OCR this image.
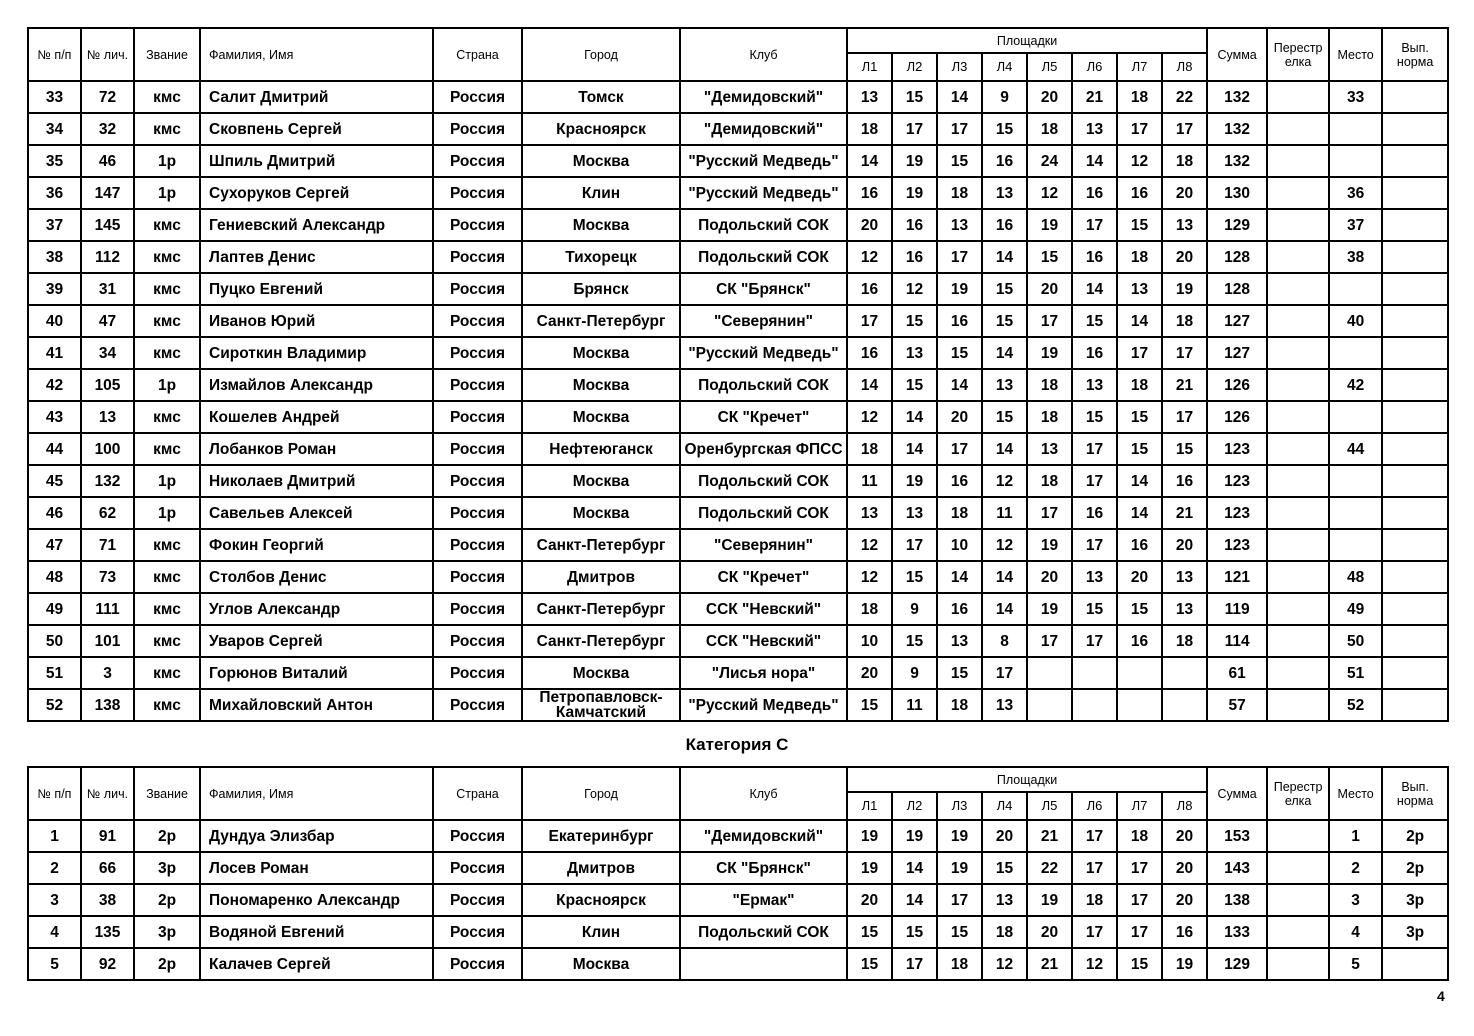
№ п/п	№ лич.	Звание	Фамилия, Имя	Страна	Город	Клуб	Площадки								Сумма	Перестрелка	Место	Вып. норма
							Л1	Л2	Л3	Л4	Л5	Л6	Л7	Л8				
33	72	кмс	Салит Дмитрий	Россия	Томск	"Демидовский"	13	15	14	9	20	21	18	22	132		33	
34	32	кмс	Сковпень Сергей	Россия	Красноярск	"Демидовский"	18	17	17	15	18	13	17	17	132			
35	46	1р	Шпиль Дмитрий	Россия	Москва	"Русский Медведь"	14	19	15	16	24	14	12	18	132			
36	147	1р	Сухоруков Сергей	Россия	Клин	"Русский Медведь"	16	19	18	13	12	16	16	20	130		36	
37	145	кмс	Гениевский Александр	Россия	Москва	Подольский СОК	20	16	13	16	19	17	15	13	129		37	
38	112	кмс	Лаптев Денис	Россия	Тихорецк	Подольский СОК	12	16	17	14	15	16	18	20	128		38	
39	31	кмс	Пуцко Евгений	Россия	Брянск	СК "Брянск"	16	12	19	15	20	14	13	19	128			
40	47	кмс	Иванов Юрий	Россия	Санкт-Петербург	"Северянин"	17	15	16	15	17	15	14	18	127		40	
41	34	кмс	Сироткин Владимир	Россия	Москва	"Русский Медведь"	16	13	15	14	19	16	17	17	127			
42	105	1р	Измайлов Александр	Россия	Москва	Подольский СОК	14	15	14	13	18	13	18	21	126		42	
43	13	кмс	Кошелев Андрей	Россия	Москва	СК "Кречет"	12	14	20	15	18	15	15	17	126			
44	100	кмс	Лобанков Роман	Россия	Нефтеюганск	Оренбургская ФПСС	18	14	17	14	13	17	15	15	123		44	
45	132	1р	Николаев Дмитрий	Россия	Москва	Подольский СОК	11	19	16	12	18	17	14	16	123			
46	62	1р	Савельев Алексей	Россия	Москва	Подольский СОК	13	13	18	11	17	16	14	21	123			
47	71	кмс	Фокин Георгий	Россия	Санкт-Петербург	"Северянин"	12	17	10	12	19	17	16	20	123			
48	73	кмс	Столбов Денис	Россия	Дмитров	СК "Кречет"	12	15	14	14	20	13	20	13	121		48	
49	111	кмс	Углов Александр	Россия	Санкт-Петербург	ССК "Невский"	18	9	16	14	19	15	15	13	119		49	
50	101	кмс	Уваров Сергей	Россия	Санкт-Петербург	ССК "Невский"	10	15	13	8	17	17	16	18	114		50	
51	3	кмс	Горюнов Виталий	Россия	Москва	"Лисья нора"	20	9	15	17					61		51	
52	138	кмс	Михайловский Антон	Россия	Петропавловск-Камчатский	"Русский Медведь"	15	11	18	13					57		52	
Категория C
№ п/п	№ лич.	Звание	Фамилия, Имя	Страна	Город	Клуб	Площадки								Сумма	Перестрелка	Место	Вып. норма
							Л1	Л2	Л3	Л4	Л5	Л6	Л7	Л8				
1	91	2р	Дундуа Элизбар	Россия	Екатеринбург	"Демидовский"	19	19	19	20	21	17	18	20	153		1	2р
2	66	3р	Лосев Роман	Россия	Дмитров	СК "Брянск"	19	14	19	15	22	17	17	20	143		2	2р
3	38	2р	Пономаренко Александр	Россия	Красноярск	"Ермак"	20	14	17	13	19	18	17	20	138		3	3р
4	135	3р	Водяной Евгений	Россия	Клин	Подольский СОК	15	15	15	18	20	17	17	16	133		4	3р
5	92	2р	Калачев Сергей	Россия	Москва		15	17	18	12	21	12	15	19	129		5	
4
